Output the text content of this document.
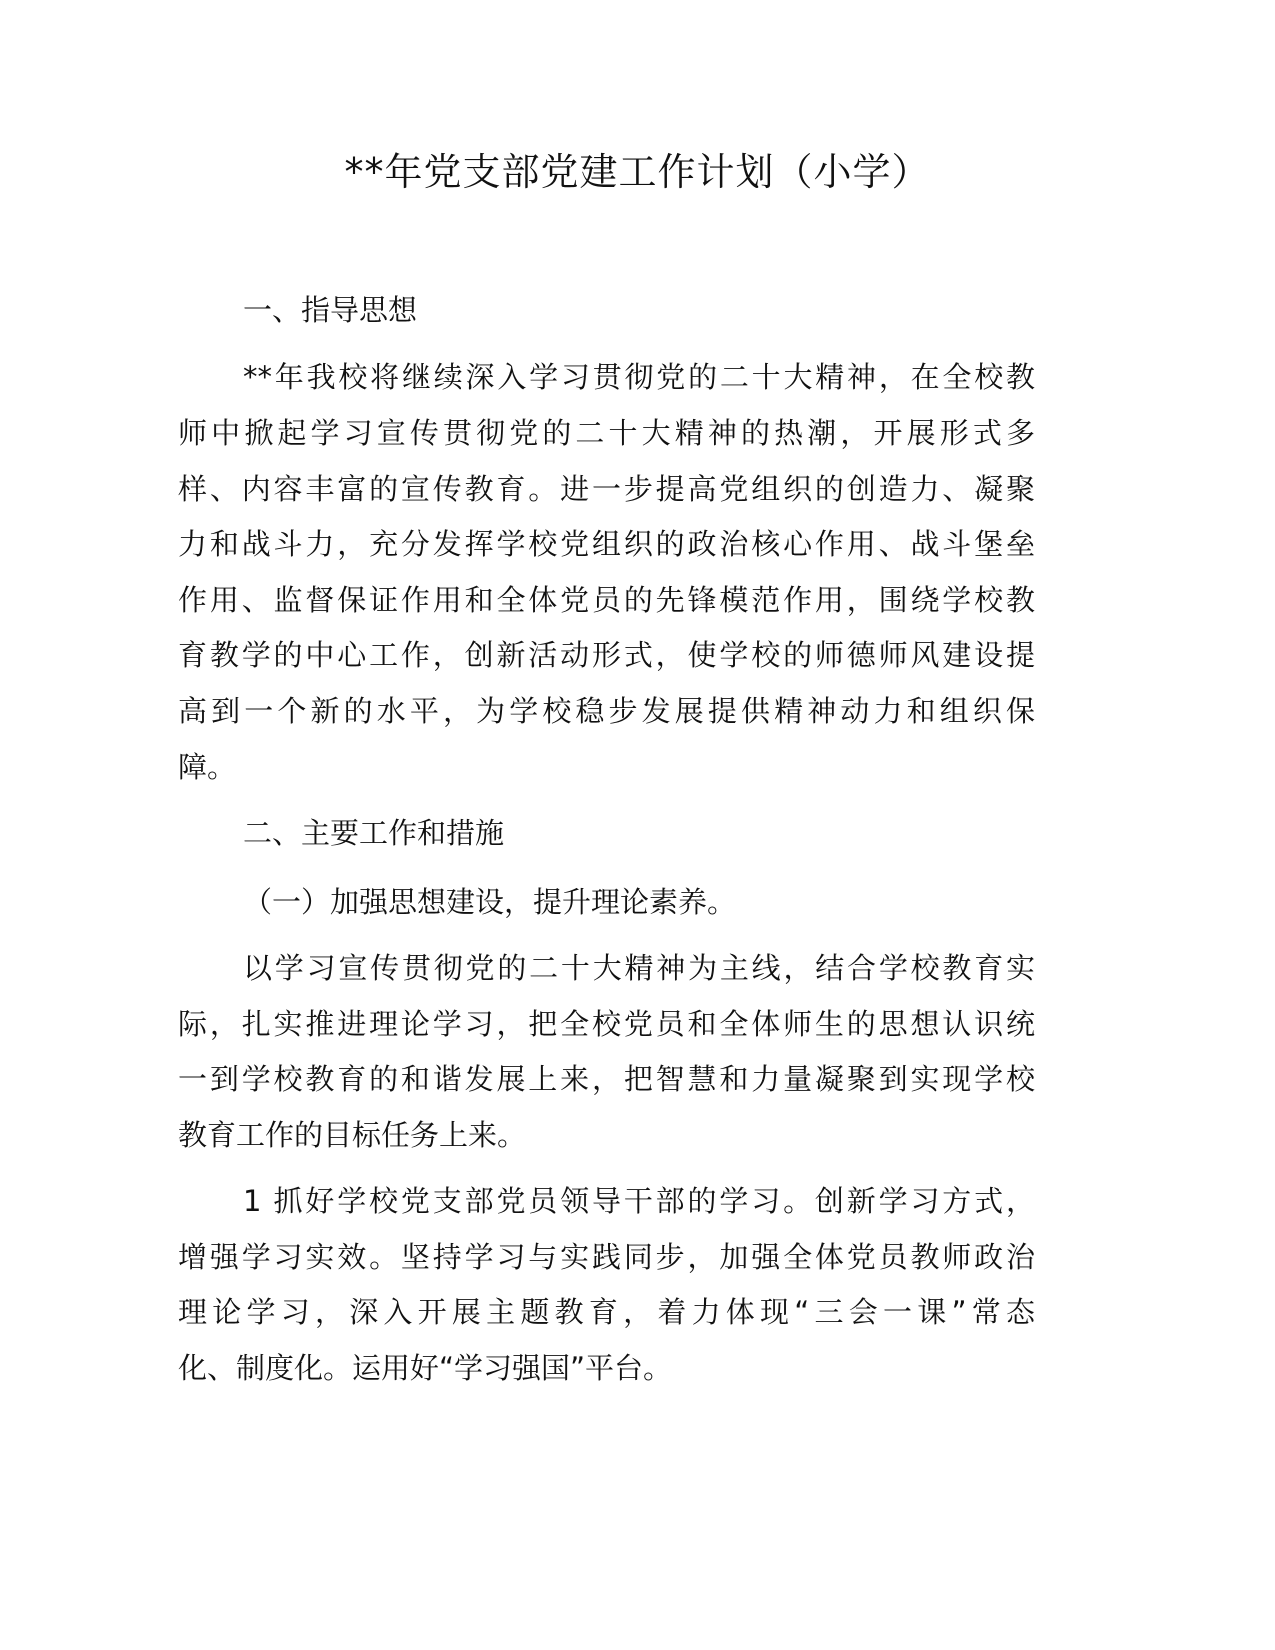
**年党支部党建工作计划（小学）
一、指导思想
**年我校将继续深入学习贯彻党的二十大精神，在全校教
师中掀起学习宣传贯彻党的二十大精神的热潮，开展形式多
样、内容丰富的宣传教育。进一步提高党组织的创造力、凝聚
力和战斗力，充分发挥学校党组织的政治核心作用、战斗堡垒
作用、监督保证作用和全体党员的先锋模范作用，围绕学校教
育教学的中心工作，创新活动形式，使学校的师德师风建设提
高到一个新的水平，为学校稳步发展提供精神动力和组织保
障。
二、主要工作和措施
（一）加强思想建设，提升理论素养。
以学习宣传贯彻党的二十大精神为主线，结合学校教育实
际，扎实推进理论学习，把全校党员和全体师生的思想认识统
一到学校教育的和谐发展上来，把智慧和力量凝聚到实现学校
教育工作的目标任务上来。
1 抓好学校党支部党员领导干部的学习。创新学习方式，
增强学习实效。坚持学习与实践同步，加强全体党员教师政治
理论学习，深入开展主题教育，着力体现“三会一课”常态
化、制度化。运用好“学习强国”平台。
